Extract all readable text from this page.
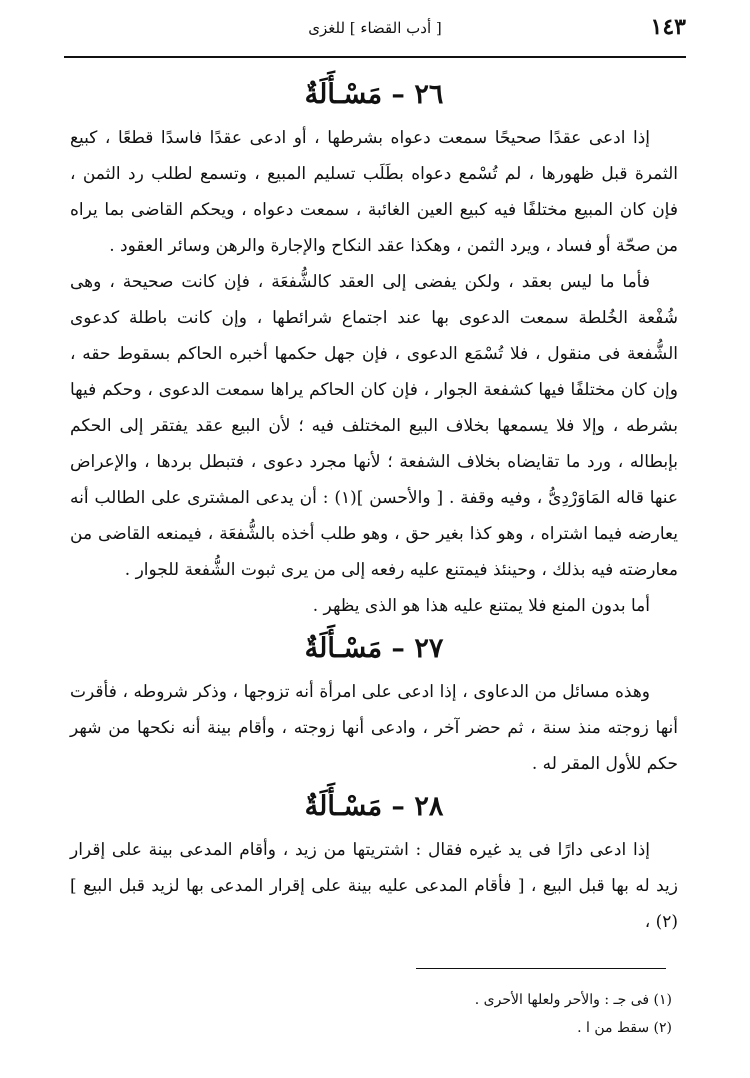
١٤٣
[ أدب القضاء ] للغزى
٢٦ – مَسْـأَلَةٌ

إذا ادعى عقدًا صحيحًا سمعت دعواه بشرطها ، أو ادعى عقدًا فاسدًا قطعًا ، كبيع الثمرة قبل ظهورها ، لم تُسْمع دعواه بطَلَب تسليم المبيع ، وتسمع لطلب رد الثمن ، فإن كان المبيع مختلفًا فيه كبيع العين الغائبة ، سمعت دعواه ، ويحكم القاضى بما يراه من صحّة أو فساد ، ويرد الثمن ، وهكذا عقد النكاح والإجارة والرهن وسائر العقود .

فأما ما ليس بعقد ، ولكن يفضى إلى العقد كالشُّفعَة ، فإن كانت صحيحة ، وهى شُفْعة الخُلطة سمعت الدعوى بها عند اجتماع شرائطها ، وإن كانت باطلة كدعوى الشُّفعة فى منقول ، فلا تُسْمَع الدعوى ، فإن جهل حكمها أخبره الحاكم بسقوط حقه ، وإن كان مختلفًا فيها كشفعة الجوار ، فإن كان الحاكم يراها سمعت الدعوى ، وحكم فيها بشرطه ، وإلا فلا يسمعها بخلاف البيع المختلف فيه ؛ لأن البيع عقد يفتقر إلى الحكم بإبطاله ، ورد ما تقايضاه بخلاف الشفعة ؛ لأنها مجرد دعوى ، فتبطل بردها ، والإعراض عنها قاله المَاوَرْدِىُّ ، وفيه وقفة . [ والأحسن ](١) : أن يدعى المشترى على الطالب أنه يعارضه فيما اشتراه ، وهو كذا بغير حق ، وهو طلب أخذه بالشُّفعَة ، فيمنعه القاضى من معارضته فيه بذلك ، وحينئذ فيمتنع عليه رفعه إلى من يرى ثبوت الشُّفعة للجوار .

أما بدون المنع فلا يمتنع عليه هذا هو الذى يظهر .

٢٧ – مَسْـأَلَةٌ

وهذه مسائل من الدعاوى ، إذا ادعى على امرأة أنه تزوجها ، وذكر شروطه ، فأقرت أنها زوجته منذ سنة ، ثم حضر آخر ، وادعى أنها زوجته ، وأقام بينة أنه نكحها من شهر حكم للأول المقر له .

٢٨ – مَسْـأَلَةٌ

إذا ادعى دارًا فى يد غيره فقال : اشتريتها من زيد ، وأقام المدعى بينة على إقرار زيد له بها قبل البيع ، [ فأقام المدعى عليه بينة على إقرار المدعى بها لزيد قبل البيع ](٢) ،

(١) فى جـ : والأحر ولعلها الأحرى .

(٢) سقط من ا .
